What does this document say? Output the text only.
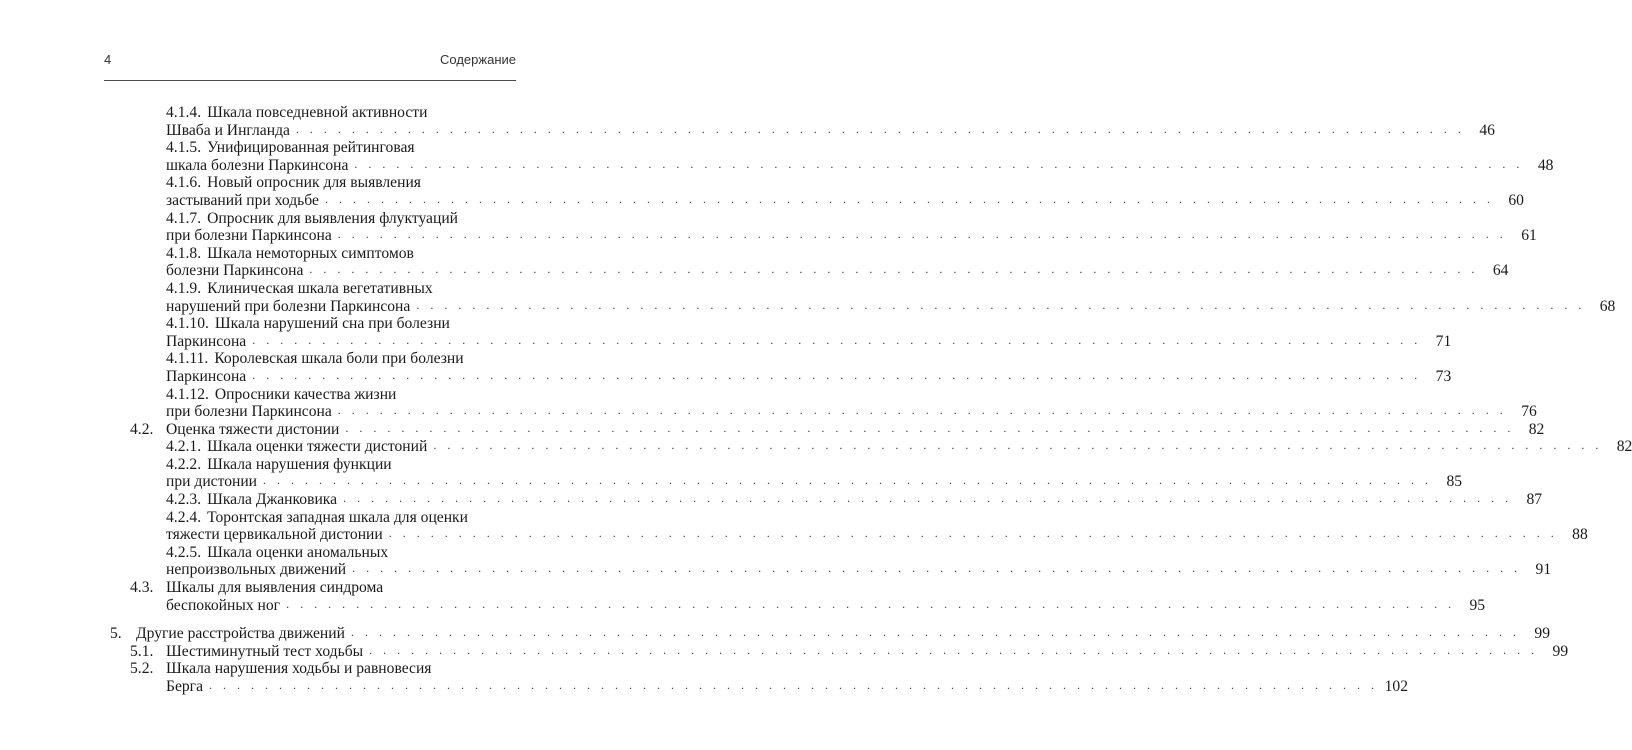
4	Содержание
4.1.4. Шкала повседневной активности
Шваба и Ингланда . . .	46
4.1.5. Унифицированная рейтинговая
шкала болезни Паркинсона . . .	48
4.1.6. Новый опросник для выявления
застываний при ходьбе . . .	60
4.1.7. Опросник для выявления флуктуаций
при болезни Паркинсона . . .	61
4.1.8. Шкала немоторных симптомов
болезни Паркинсона . . .	64
4.1.9. Клиническая шкала вегетативных
нарушений при болезни Паркинсона . . .	68
4.1.10. Шкала нарушений сна при болезни
Паркинсона . . .	71
4.1.11. Королевская шкала боли при болезни
Паркинсона . . .	73
4.1.12. Опросники качества жизни
при болезни Паркинсона . . .	76
4.2. Оценка тяжести дистонии . . .	82
4.2.1. Шкала оценки тяжести дистоний . . .	82
4.2.2. Шкала нарушения функции
при дистонии . . .	85
4.2.3. Шкала Джанковика . . .	87
4.2.4. Торонтская западная шкала для оценки
тяжести цервикальной дистонии . . .	88
4.2.5. Шкала оценки аномальных
непроизвольных движений . . .	91
4.3. Шкалы для выявления синдрома
беспокойных ног . . .	95
5. Другие расстройства движений . . .	99
5.1. Шестиминутный тест ходьбы . . .	99
5.2. Шкала нарушения ходьбы и равновесия
Берга . . .	102
